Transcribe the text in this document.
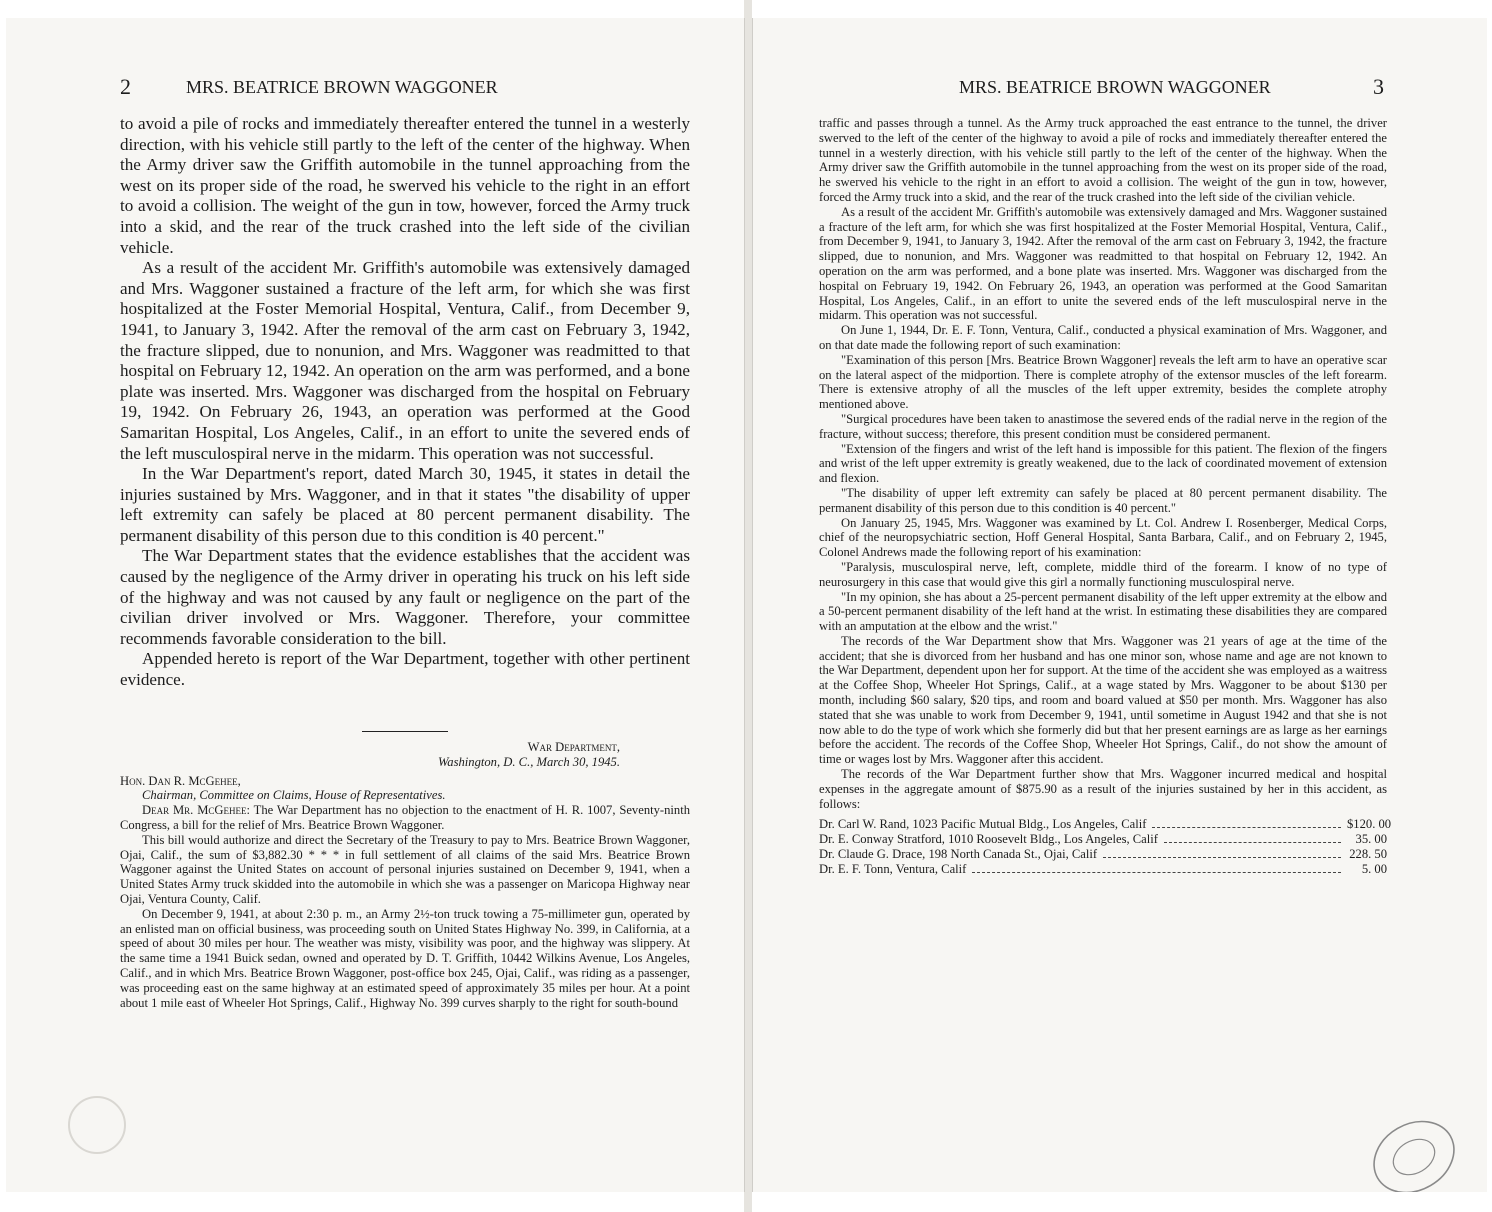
2	MRS. BEATRICE BROWN WAGGONER

to avoid a pile of rocks and immediately thereafter entered the tunnel in a westerly direction, with his vehicle still partly to the left of the center of the highway. When the Army driver saw the Griffith automobile in the tunnel approaching from the west on its proper side of the road, he swerved his vehicle to the right in an effort to avoid a collision. The weight of the gun in tow, however, forced the Army truck into a skid, and the rear of the truck crashed into the left side of the civilian vehicle.

As a result of the accident Mr. Griffith's automobile was extensively damaged and Mrs. Waggoner sustained a fracture of the left arm, for which she was first hospitalized at the Foster Memorial Hospital, Ventura, Calif., from December 9, 1941, to January 3, 1942. After the removal of the arm cast on February 3, 1942, the fracture slipped, due to nonunion, and Mrs. Waggoner was readmitted to that hospital on February 12, 1942. An operation on the arm was performed, and a bone plate was inserted. Mrs. Waggoner was discharged from the hospital on February 19, 1942. On February 26, 1943, an operation was performed at the Good Samaritan Hospital, Los Angeles, Calif., in an effort to unite the severed ends of the left musculospiral nerve in the midarm. This operation was not successful.

In the War Department's report, dated March 30, 1945, it states in detail the injuries sustained by Mrs. Waggoner, and in that it states "the disability of upper left extremity can safely be placed at 80 percent permanent disability. The permanent disability of this person due to this condition is 40 percent."

The War Department states that the evidence establishes that the accident was caused by the negligence of the Army driver in operating his truck on his left side of the highway and was not caused by any fault or negligence on the part of the civilian driver involved or Mrs. Waggoner. Therefore, your committee recommends favorable consideration to the bill.

Appended hereto is report of the War Department, together with other pertinent evidence.

War Department,

Washington, D. C., March 30, 1945.

Hon. Dan R. McGehee,

Chairman, Committee on Claims, House of Representatives.

Dear Mr. McGehee: The War Department has no objection to the enactment of H. R. 1007, Seventy-ninth Congress, a bill for the relief of Mrs. Beatrice Brown Waggoner.

This bill would authorize and direct the Secretary of the Treasury to pay to Mrs. Beatrice Brown Waggoner, Ojai, Calif., the sum of $3,882.30 * * * in full settlement of all claims of the said Mrs. Beatrice Brown Waggoner against the United States on account of personal injuries sustained on December 9, 1941, when a United States Army truck skidded into the automobile in which she was a passenger on Maricopa Highway near Ojai, Ventura County, Calif.

On December 9, 1941, at about 2:30 p. m., an Army 2½-ton truck towing a 75-millimeter gun, operated by an enlisted man on official business, was proceeding south on United States Highway No. 399, in California, at a speed of about 30 miles per hour. The weather was misty, visibility was poor, and the highway was slippery. At the same time a 1941 Buick sedan, owned and operated by D. T. Griffith, 10442 Wilkins Avenue, Los Angeles, Calif., and in which Mrs. Beatrice Brown Waggoner, post-office box 245, Ojai, Calif., was riding as a passenger, was proceeding east on the same highway at an estimated speed of approximately 35 miles per hour. At a point about 1 mile east of Wheeler Hot Springs, Calif., Highway No. 399 curves sharply to the right for south-bound

MRS. BEATRICE BROWN WAGGONER	3

traffic and passes through a tunnel. As the Army truck approached the east entrance to the tunnel, the driver swerved to the left of the center of the highway to avoid a pile of rocks and immediately thereafter entered the tunnel in a westerly direction, with his vehicle still partly to the left of the center of the highway. When the Army driver saw the Griffith automobile in the tunnel approaching from the west on its proper side of the road, he swerved his vehicle to the right in an effort to avoid a collision. The weight of the gun in tow, however, forced the Army truck into a skid, and the rear of the truck crashed into the left side of the civilian vehicle.

As a result of the accident Mr. Griffith's automobile was extensively damaged and Mrs. Waggoner sustained a fracture of the left arm, for which she was first hospitalized at the Foster Memorial Hospital, Ventura, Calif., from December 9, 1941, to January 3, 1942. After the removal of the arm cast on February 3, 1942, the fracture slipped, due to nonunion, and Mrs. Waggoner was readmitted to that hospital on February 12, 1942. An operation on the arm was performed, and a bone plate was inserted. Mrs. Waggoner was discharged from the hospital on February 19, 1942. On February 26, 1943, an operation was performed at the Good Samaritan Hospital, Los Angeles, Calif., in an effort to unite the severed ends of the left musculospiral nerve in the midarm. This operation was not successful.

On June 1, 1944, Dr. E. F. Tonn, Ventura, Calif., conducted a physical examination of Mrs. Waggoner, and on that date made the following report of such examination:

"Examination of this person [Mrs. Beatrice Brown Waggoner] reveals the left arm to have an operative scar on the lateral aspect of the midportion. There is complete atrophy of the extensor muscles of the left forearm. There is extensive atrophy of all the muscles of the left upper extremity, besides the complete atrophy mentioned above.

"Surgical procedures have been taken to anastimose the severed ends of the radial nerve in the region of the fracture, without success; therefore, this present condition must be considered permanent.

"Extension of the fingers and wrist of the left hand is impossible for this patient. The flexion of the fingers and wrist of the left upper extremity is greatly weakened, due to the lack of coordinated movement of extension and flexion.

"The disability of upper left extremity can safely be placed at 80 percent permanent disability. The permanent disability of this person due to this condition is 40 percent."

On January 25, 1945, Mrs. Waggoner was examined by Lt. Col. Andrew I. Rosenberger, Medical Corps, chief of the neuropsychiatric section, Hoff General Hospital, Santa Barbara, Calif., and on February 2, 1945, Colonel Andrews made the following report of his examination:

"Paralysis, musculospiral nerve, left, complete, middle third of the forearm. I know of no type of neurosurgery in this case that would give this girl a normally functioning musculospiral nerve.

"In my opinion, she has about a 25-percent permanent disability of the left upper extremity at the elbow and a 50-percent permanent disability of the left hand at the wrist. In estimating these disabilities they are compared with an amputation at the elbow and the wrist."

The records of the War Department show that Mrs. Waggoner was 21 years of age at the time of the accident; that she is divorced from her husband and has one minor son, whose name and age are not known to the War Department, dependent upon her for support. At the time of the accident she was employed as a waitress at the Coffee Shop, Wheeler Hot Springs, Calif., at a wage stated by Mrs. Waggoner to be about $130 per month, including $60 salary, $20 tips, and room and board valued at $50 per month. Mrs. Waggoner has also stated that she was unable to work from December 9, 1941, until sometime in August 1942 and that she is not now able to do the type of work which she formerly did but that her present earnings are as large as her earnings before the accident. The records of the Coffee Shop, Wheeler Hot Springs, Calif., do not show the amount of time or wages lost by Mrs. Waggoner after this accident.

The records of the War Department further show that Mrs. Waggoner incurred medical and hospital expenses in the aggregate amount of $875.90 as a result of the injuries sustained by her in this accident, as follows:

Dr. Carl W. Rand, 1023 Pacific Mutual Bldg., Los Angeles, Calif	$120. 00
Dr. E. Conway Stratford, 1010 Roosevelt Bldg., Los Angeles, Calif	35. 00
Dr. Claude G. Drace, 198 North Canada St., Ojai, Calif	228. 50
Dr. E. F. Tonn, Ventura, Calif	5. 00
